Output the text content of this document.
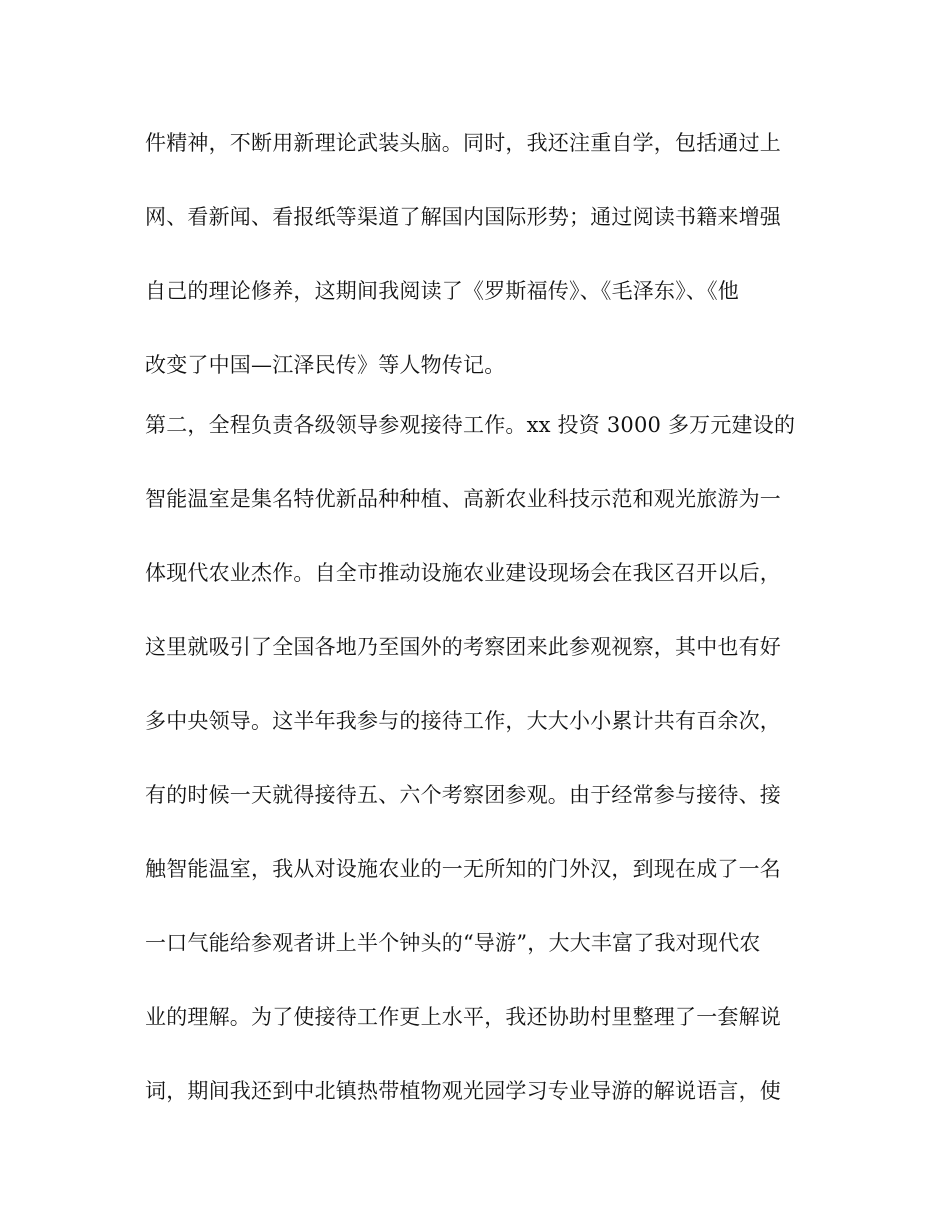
件精神，不断用新理论武装头脑。同时，我还注重自学，包括通过上
网、看新闻、看报纸等渠道了解国内国际形势；通过阅读书籍来增强
自己的理论修养，这期间我阅读了《罗斯福传》、《毛泽东》、《他
改变了中国—江泽民传》等人物传记。
第二，全程负责各级领导参观接待工作。xx 投资 3000 多万元建设的
智能温室是集名特优新品种种植、高新农业科技示范和观光旅游为一
体现代农业杰作。自全市推动设施农业建设现场会在我区召开以后，
这里就吸引了全国各地乃至国外的考察团来此参观视察，其中也有好
多中央领导。这半年我参与的接待工作，大大小小累计共有百余次，
有的时候一天就得接待五、六个考察团参观。由于经常参与接待、接
触智能温室，我从对设施农业的一无所知的门外汉，到现在成了一名
一口气能给参观者讲上半个钟头的“导游”，大大丰富了我对现代农
业的理解。为了使接待工作更上水平，我还协助村里整理了一套解说
词，期间我还到中北镇热带植物观光园学习专业导游的解说语言，使
